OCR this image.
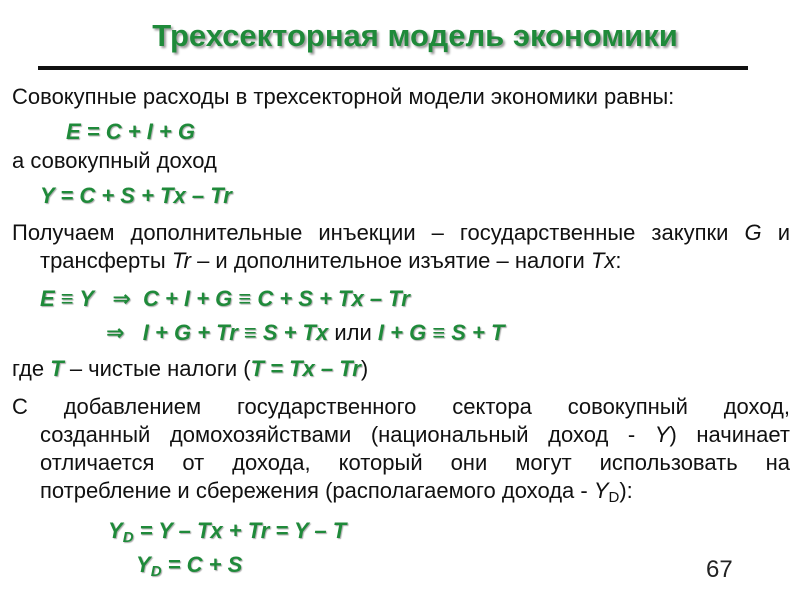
Трехсекторная модель экономики
Совокупные расходы в трехсекторной модели экономики равны:
E = C + I + G
а совокупный доход
Y = C + S + Tx – Tr
Получаем дополнительные инъекции – государственные закупки G и
трансферты Tr – и дополнительное изъятие – налоги Tx:
E ≡ Y ⇒ C + I + G ≡ C + S + Tx – Tr
⇒ I + G + Tr ≡ S + Tx или I + G ≡ S + T
где T – чистые налоги (T = Tx – Tr)
С добавлением государственного сектора совокупный доход,
созданный домохозяйствами (национальный доход - Y) начинает
отличается от дохода, который они могут использовать на
потребление и сбережения (располагаемого дохода - $Y_D$):
$Y_D = Y - Tx + Tr = Y - T$
$Y_D = C + S$	67
